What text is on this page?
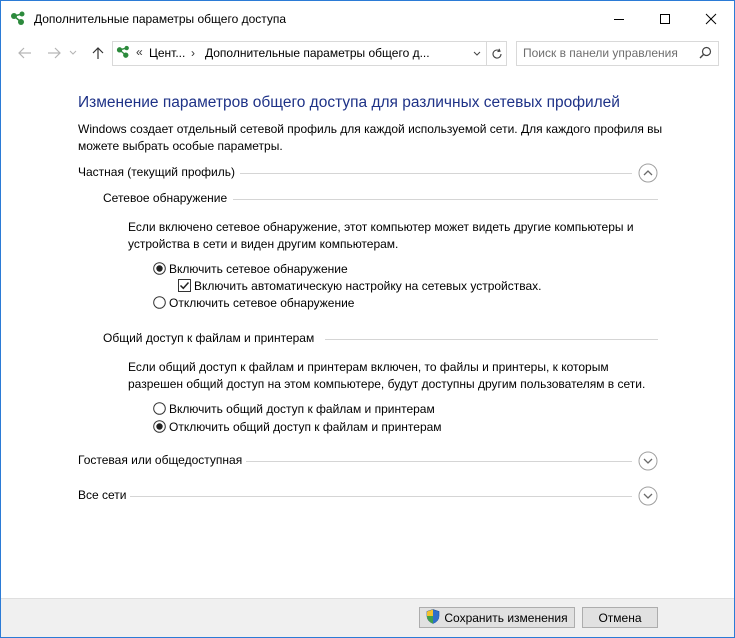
Дополнительные параметры общего доступа
« Цент... › Дополнительные параметры общего д...
Поиск в панели управления
Изменение параметров общего доступа для различных сетевых профилей
Windows создает отдельный сетевой профиль для каждой используемой сети. Для каждого профиля вы можете выбрать особые параметры.
Частная (текущий профиль)
Сетевое обнаружение
Если включено сетевое обнаружение, этот компьютер может видеть другие компьютеры и устройства в сети и виден другим компьютерам.
Включить сетевое обнаружение
Включить автоматическую настройку на сетевых устройствах.
Отключить сетевое обнаружение
Общий доступ к файлам и принтерам
Если общий доступ к файлам и принтерам включен, то файлы и принтеры, к которым разрешен общий доступ на этом компьютере, будут доступны другим пользователям в сети.
Включить общий доступ к файлам и принтерам
Отключить общий доступ к файлам и принтерам
Гостевая или общедоступная
Все сети
Сохранить изменения	Отмена
